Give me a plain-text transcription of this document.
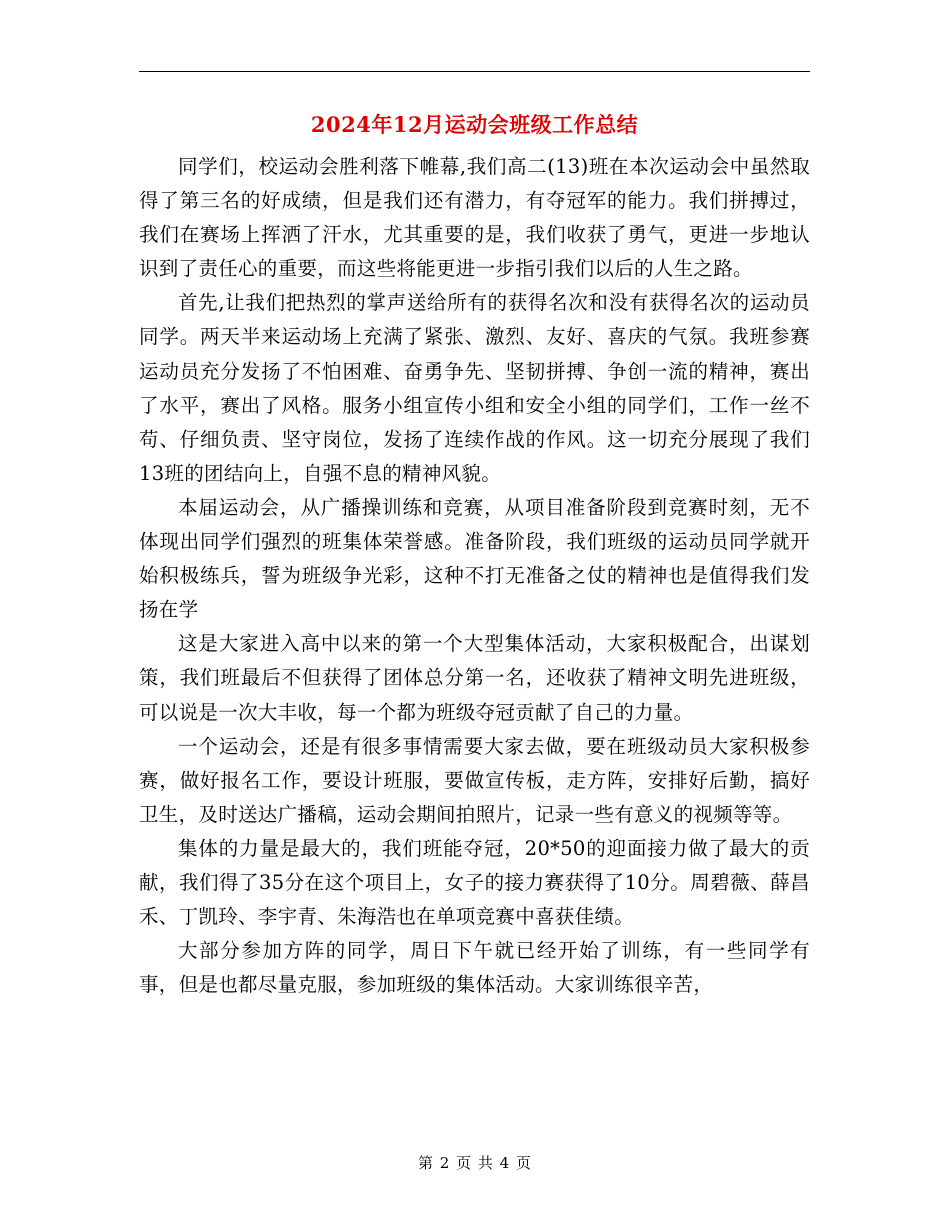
2024年12月运动会班级工作总结

同学们，校运动会胜利落下帷幕,我们高二(13)班在本次运动会中虽然取得了第三名的好成绩，但是我们还有潜力，有夺冠军的能力。我们拼搏过，我们在赛场上挥洒了汗水，尤其重要的是，我们收获了勇气，更进一步地认识到了责任心的重要，而这些将能更进一步指引我们以后的人生之路。

首先,让我们把热烈的掌声送给所有的获得名次和没有获得名次的运动员同学。两天半来运动场上充满了紧张、激烈、友好、喜庆的气氛。我班参赛运动员充分发扬了不怕困难、奋勇争先、坚韧拼搏、争创一流的精神，赛出了水平，赛出了风格。服务小组宣传小组和安全小组的同学们，工作一丝不苟、仔细负责、坚守岗位，发扬了连续作战的作风。这一切充分展现了我们13班的团结向上，自强不息的精神风貌。

本届运动会，从广播操训练和竞赛，从项目准备阶段到竞赛时刻，无不体现出同学们强烈的班集体荣誉感。准备阶段，我们班级的运动员同学就开始积极练兵，誓为班级争光彩，这种不打无准备之仗的精神也是值得我们发扬在学

这是大家进入高中以来的第一个大型集体活动，大家积极配合，出谋划策，我们班最后不但获得了团体总分第一名，还收获了精神文明先进班级，可以说是一次大丰收，每一个都为班级夺冠贡献了自己的力量。

一个运动会，还是有很多事情需要大家去做，要在班级动员大家积极参赛，做好报名工作，要设计班服，要做宣传板，走方阵，安排好后勤，搞好卫生，及时送达广播稿，运动会期间拍照片，记录一些有意义的视频等等。

集体的力量是最大的，我们班能夺冠，20*50的迎面接力做了最大的贡献，我们得了35分在这个项目上，女子的接力赛获得了10分。周碧薇、薛昌禾、丁凯玲、李宇青、朱海浩也在单项竞赛中喜获佳绩。

大部分参加方阵的同学，周日下午就已经开始了训练，有一些同学有事，但是也都尽量克服，参加班级的集体活动。大家训练很辛苦，

第 2 页 共 4 页
